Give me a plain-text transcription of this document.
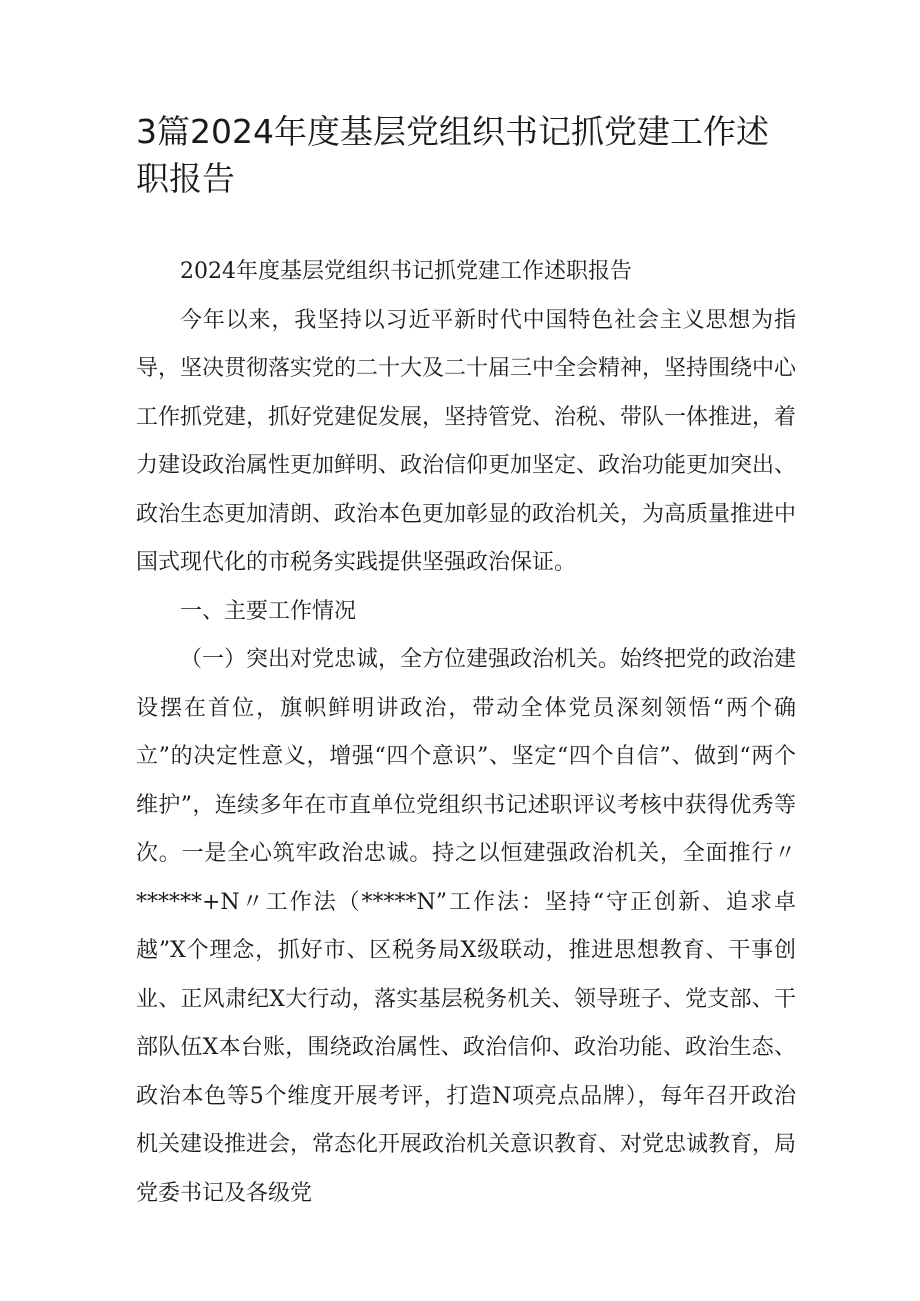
3篇2024年度基层党组织书记抓党建工作述职报告

2024年度基层党组织书记抓党建工作述职报告

今年以来，我坚持以习近平新时代中国特色社会主义思想为指导，坚决贯彻落实党的二十大及二十届三中全会精神，坚持围绕中心工作抓党建，抓好党建促发展，坚持管党、治税、带队一体推进，着力建设政治属性更加鲜明、政治信仰更加坚定、政治功能更加突出、政治生态更加清朗、政治本色更加彰显的政治机关，为高质量推进中国式现代化的市税务实践提供坚强政治保证。

一、主要工作情况

（一）突出对党忠诚，全方位建强政治机关。始终把党的政治建设摆在首位，旗帜鲜明讲政治，带动全体党员深刻领悟“两个确立”的决定性意义，增强“四个意识”、坚定“四个自信”、做到“两个维护”，连续多年在市直单位党组织书记述职评议考核中获得优秀等次。一是全心筑牢政治忠诚。持之以恒建强政治机关，全面推行〃******+N〃工作法（*****N”工作法：坚持“守正创新、追求卓越”X个理念，抓好市、区税务局X级联动，推进思想教育、干事创业、正风肃纪X大行动，落实基层税务机关、领导班子、党支部、干部队伍X本台账，围绕政治属性、政治信仰、政治功能、政治生态、政治本色等5个维度开展考评，打造N项亮点品牌），每年召开政治机关建设推进会，常态化开展政治机关意识教育、对党忠诚教育，局党委书记及各级党
